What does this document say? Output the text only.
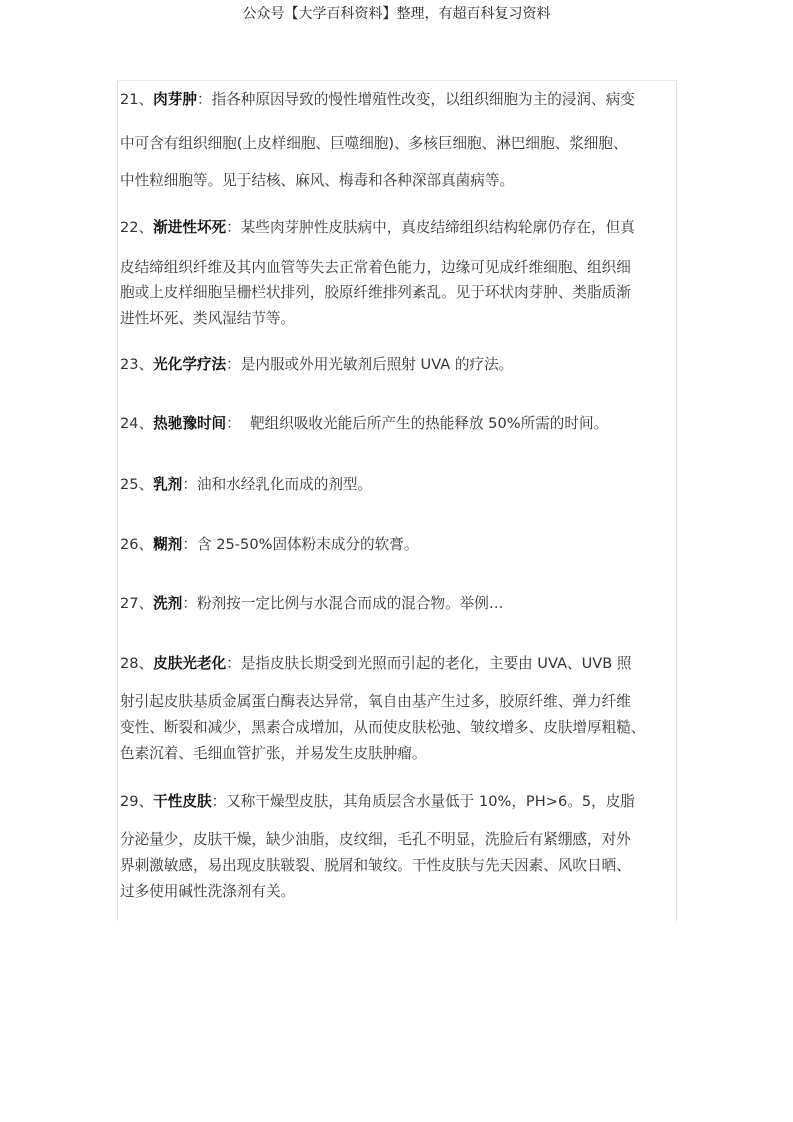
公众号【大学百科资料】整理，有超百科复习资料
21、肉芽肿：指各种原因导致的慢性增殖性改变，以组织细胞为主的浸润、病变
中可含有组织细胞(上皮样细胞、巨噬细胞)、多核巨细胞、淋巴细胞、浆细胞、
中性粒细胞等。见于结核、麻风、梅毒和各种深部真菌病等。
22、渐进性坏死：某些肉芽肿性皮肤病中，真皮结缔组织结构轮廓仍存在，但真
皮结缔组织纤维及其内血管等失去正常着色能力，边缘可见成纤维细胞、组织细
胞或上皮样细胞呈栅栏状排列，胶原纤维排列紊乱。见于环状肉芽肿、类脂质渐
进性坏死、类风湿结节等。
23、光化学疗法：是内服或外用光敏剂后照射 UVA 的疗法。
24、热驰豫时间：  靶组织吸收光能后所产生的热能释放 50%所需的时间。
25、乳剂：油和水经乳化而成的剂型。
26、糊剂：含 25-50%固体粉末成分的软膏。
27、洗剂：粉剂按一定比例与水混合而成的混合物。举例…
28、皮肤光老化：是指皮肤长期受到光照而引起的老化，主要由 UVA、UVB 照
射引起皮肤基质金属蛋白酶表达异常，氧自由基产生过多，胶原纤维、弹力纤维
变性、断裂和减少，黑素合成增加，从而使皮肤松弛、皱纹增多、皮肤增厚粗糙、
色素沉着、毛细血管扩张，并易发生皮肤肿瘤。
29、干性皮肤：又称干燥型皮肤，其角质层含水量低于 10%，PH>6。5，皮脂
分泌量少，皮肤干燥，缺少油脂，皮纹细，毛孔不明显，洗脸后有紧绷感，对外
界刺激敏感，易出现皮肤皲裂、脱屑和皱纹。干性皮肤与先天因素、风吹日晒、
过多使用碱性洗涤剂有关。
